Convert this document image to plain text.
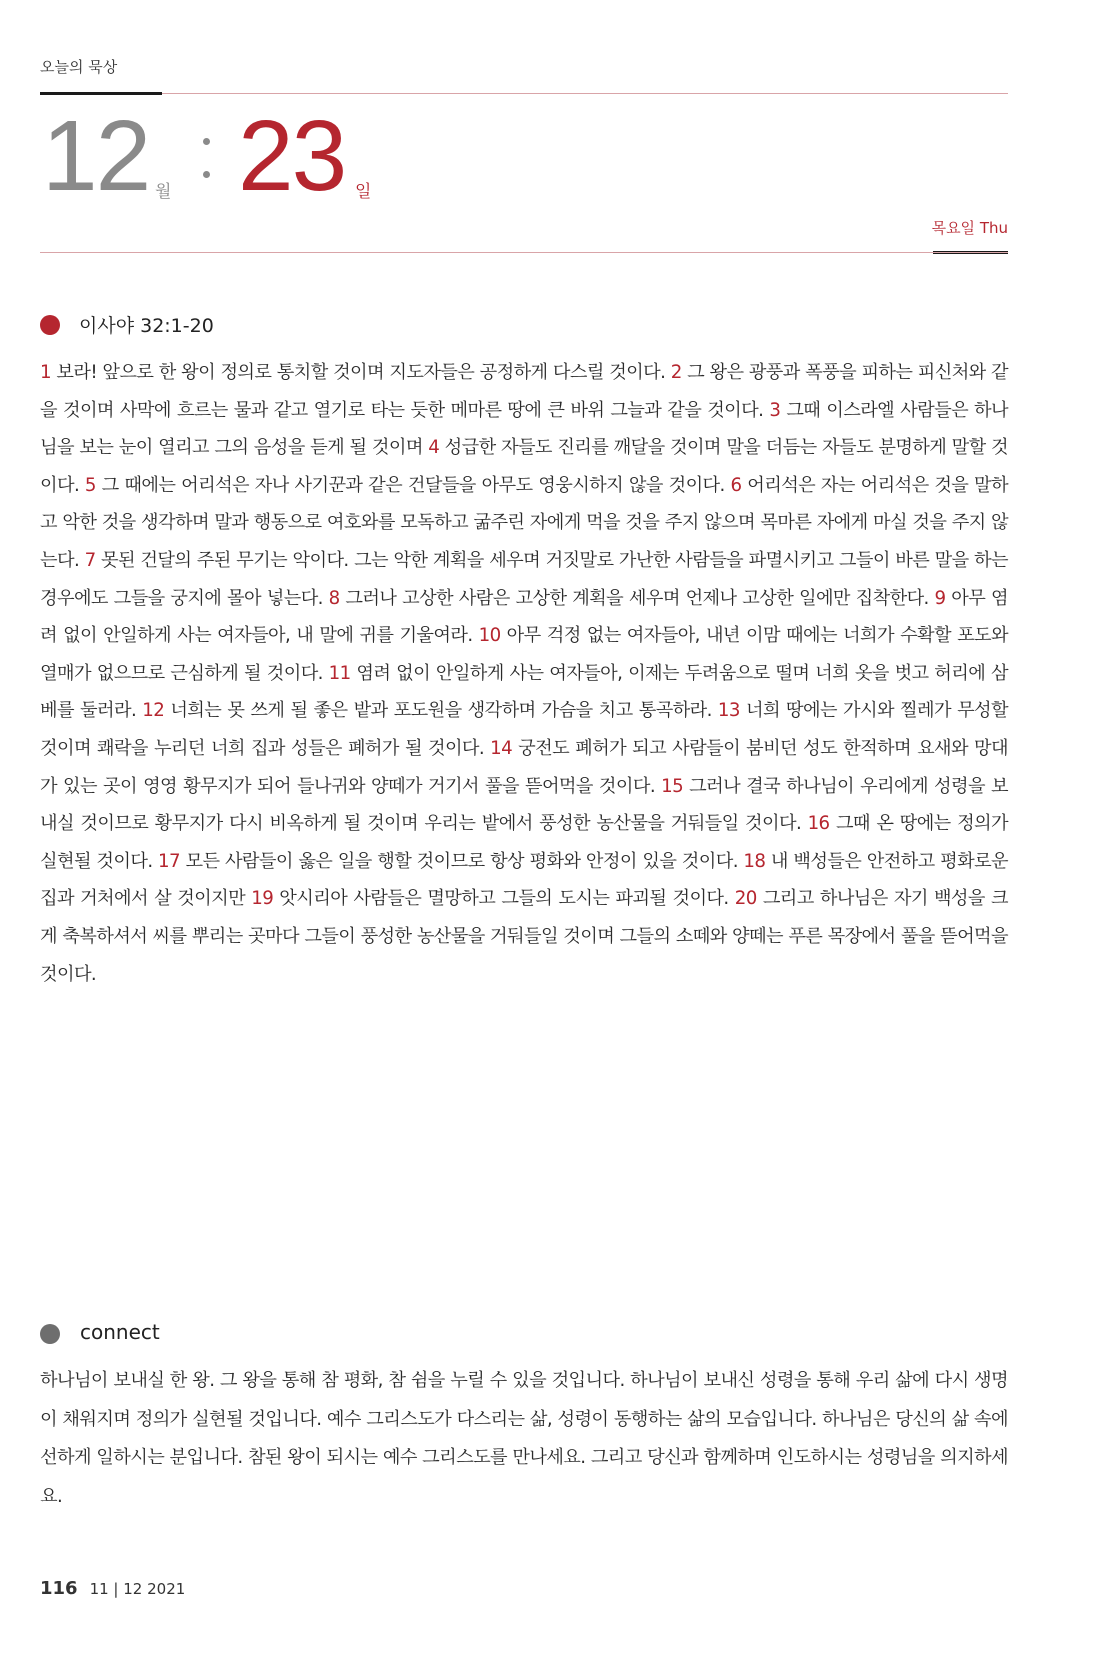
오늘의 묵상
12 월 23 일
목요일 Thu
이사야 32:1-20

1 보라! 앞으로 한 왕이 정의로 통치할 것이며 지도자들은 공정하게 다스릴 것이다. 2 그 왕은 광풍과 폭풍을 피하는 피신처와 같을 것이며 사막에 흐르는 물과 같고 열기로 타는 듯한 메마른 땅에 큰 바위 그늘과 같을 것이다. 3 그때 이스라엘 사람들은 하나님을 보는 눈이 열리고 그의 음성을 듣게 될 것이며 4 성급한 자들도 진리를 깨달을 것이며 말을 더듬는 자들도 분명하게 말할 것이다. 5 그 때에는 어리석은 자나 사기꾼과 같은 건달들을 아무도 영웅시하지 않을 것이다. 6 어리석은 자는 어리석은 것을 말하고 악한 것을 생각하며 말과 행동으로 여호와를 모독하고 굶주린 자에게 먹을 것을 주지 않으며 목마른 자에게 마실 것을 주지 않는다. 7 못된 건달의 주된 무기는 악이다. 그는 악한 계획을 세우며 거짓말로 가난한 사람들을 파멸시키고 그들이 바른 말을 하는 경우에도 그들을 궁지에 몰아 넣는다. 8 그러나 고상한 사람은 고상한 계획을 세우며 언제나 고상한 일에만 집착한다. 9 아무 염려 없이 안일하게 사는 여자들아, 내 말에 귀를 기울여라. 10 아무 걱정 없는 여자들아, 내년 이맘 때에는 너희가 수확할 포도와 열매가 없으므로 근심하게 될 것이다. 11 염려 없이 안일하게 사는 여자들아, 이제는 두려움으로 떨며 너희 옷을 벗고 허리에 삼베를 둘러라. 12 너희는 못 쓰게 될 좋은 밭과 포도원을 생각하며 가슴을 치고 통곡하라. 13 너희 땅에는 가시와 찔레가 무성할 것이며 쾌락을 누리던 너희 집과 성들은 폐허가 될 것이다. 14 궁전도 폐허가 되고 사람들이 붐비던 성도 한적하며 요새와 망대가 있는 곳이 영영 황무지가 되어 들나귀와 양떼가 거기서 풀을 뜯어먹을 것이다. 15 그러나 결국 하나님이 우리에게 성령을 보내실 것이므로 황무지가 다시 비옥하게 될 것이며 우리는 밭에서 풍성한 농산물을 거둬들일 것이다. 16 그때 온 땅에는 정의가 실현될 것이다. 17 모든 사람들이 옳은 일을 행할 것이므로 항상 평화와 안정이 있을 것이다. 18 내 백성들은 안전하고 평화로운 집과 거처에서 살 것이지만 19 앗시리아 사람들은 멸망하고 그들의 도시는 파괴될 것이다. 20 그리고 하나님은 자기 백성을 크게 축복하셔서 씨를 뿌리는 곳마다 그들이 풍성한 농산물을 거둬들일 것이며 그들의 소떼와 양떼는 푸른 목장에서 풀을 뜯어먹을 것이다.

connect

하나님이 보내실 한 왕. 그 왕을 통해 참 평화, 참 쉼을 누릴 수 있을 것입니다. 하나님이 보내신 성령을 통해 우리 삶에 다시 생명이 채워지며 정의가 실현될 것입니다. 예수 그리스도가 다스리는 삶, 성령이 동행하는 삶의 모습입니다. 하나님은 당신의 삶 속에 선하게 일하시는 분입니다. 참된 왕이 되시는 예수 그리스도를 만나세요. 그리고 당신과 함께하며 인도하시는 성령님을 의지하세요.

116 11 | 12 2021
